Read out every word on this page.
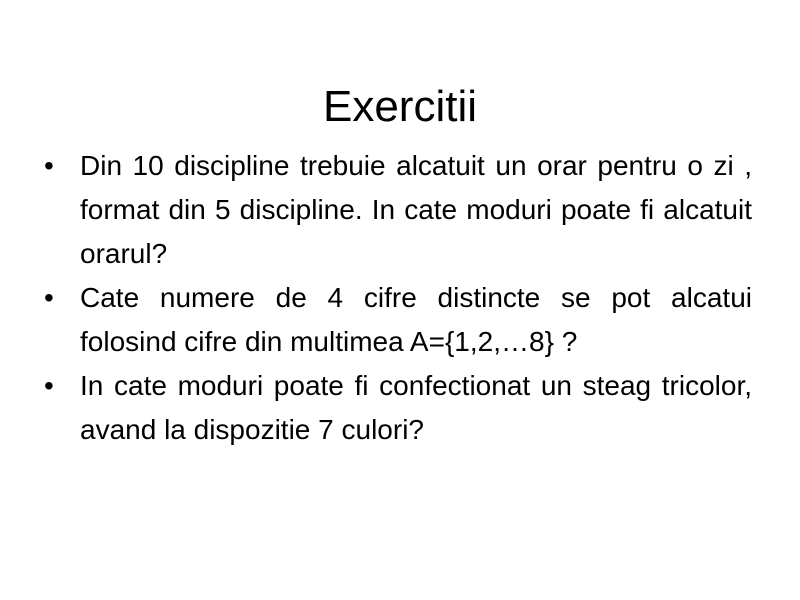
Exercitii
• Din 10 discipline trebuie alcatuit un orar pentru o zi , format din 5 discipline. In cate moduri poate fi alcatuit orarul?
• Cate numere de 4 cifre distincte se pot alcatui folosind cifre din multimea A={1,2,…8} ?
• In cate moduri poate fi confectionat un steag tricolor, avand la dispozitie 7 culori?
